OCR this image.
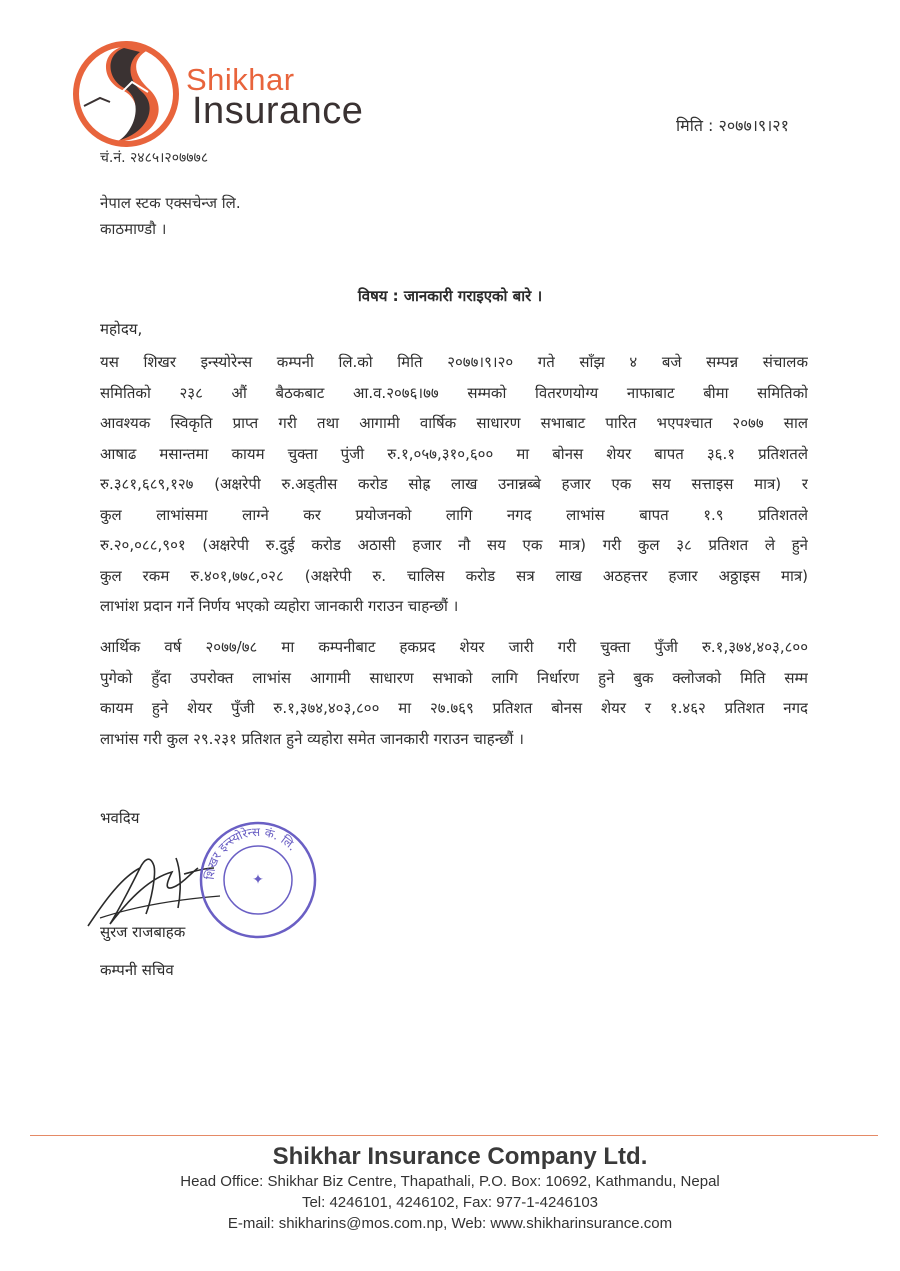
Shikhar
Insurance	मिति : २०७७।९।२१
चं.नं. २४८५।२०७७७८
नेपाल स्टक एक्सचेन्ज लि.
काठमाण्डौ ।
विषय : जानकारी गराइएको बारे ।
महोदय,
यस शिखर इन्स्योरेन्स कम्पनी लि.को मिति २०७७।९।२० गते साँझ ४ बजे सम्पन्न संचालक
समितिको २३८ औं बैठकबाट आ.व.२०७६।७७ सम्मको वितरणयोग्य नाफाबाट बीमा समितिको
आवश्यक स्विकृति प्राप्त गरी तथा आगामी वार्षिक साधारण सभाबाट पारित भएपश्चात २०७७ साल
आषाढ मसान्तमा कायम चुक्ता पुंजी रु.१,०५७,३१०,६०० मा बोनस शेयर बापत ३६.१ प्रतिशतले
रु.३८१,६८९,१२७ (अक्षरेपी रु.अड्तीस करोड सोह्र लाख उनान्नब्बे हजार एक सय सत्ताइस मात्र) र
कुल लाभांसमा लाग्ने कर प्रयोजनको लागि नगद लाभांस बापत १.९ प्रतिशतले
रु.२०,०८८,९०१ (अक्षरेपी रु.दुई करोड अठासी हजार नौ सय एक मात्र) गरी कुल ३८ प्रतिशत ले हुने
कुल रकम रु.४०१,७७८,०२८ (अक्षरेपी रु. चालिस करोड सत्र लाख अठहत्तर हजार अठ्ठाइस मात्र)
लाभांश प्रदान गर्ने निर्णय भएको व्यहोरा जानकारी गराउन चाहन्छौं ।
आर्थिक वर्ष २०७७/७८ मा कम्पनीबाट हकप्रद शेयर जारी गरी चुक्ता पुँजी रु.१,३७४,४०३,८००
पुगेको हुँदा उपरोक्त लाभांस आगामी साधारण सभाको लागि निर्धारण हुने बुक क्लोजको मिति सम्म
कायम हुने शेयर पुँजी रु.१,३७४,४०३,८०० मा २७.७६९ प्रतिशत बोनस शेयर र १.४६२ प्रतिशत नगद
लाभांस गरी कुल २९.२३१ प्रतिशत हुने व्यहोरा समेत जानकारी गराउन चाहन्छौं ।
भवदिय
शिखर इन्स्योरेन्स कं. लि.
✦
सुरज राजबाहक
कम्पनी सचिव
Shikhar Insurance Company Ltd.
Head Office: Shikhar Biz Centre, Thapathali, P.O. Box: 10692, Kathmandu, Nepal
Tel: 4246101, 4246102, Fax: 977-1-4246103
E-mail: shikharins@mos.com.np, Web: www.shikharinsurance.com
